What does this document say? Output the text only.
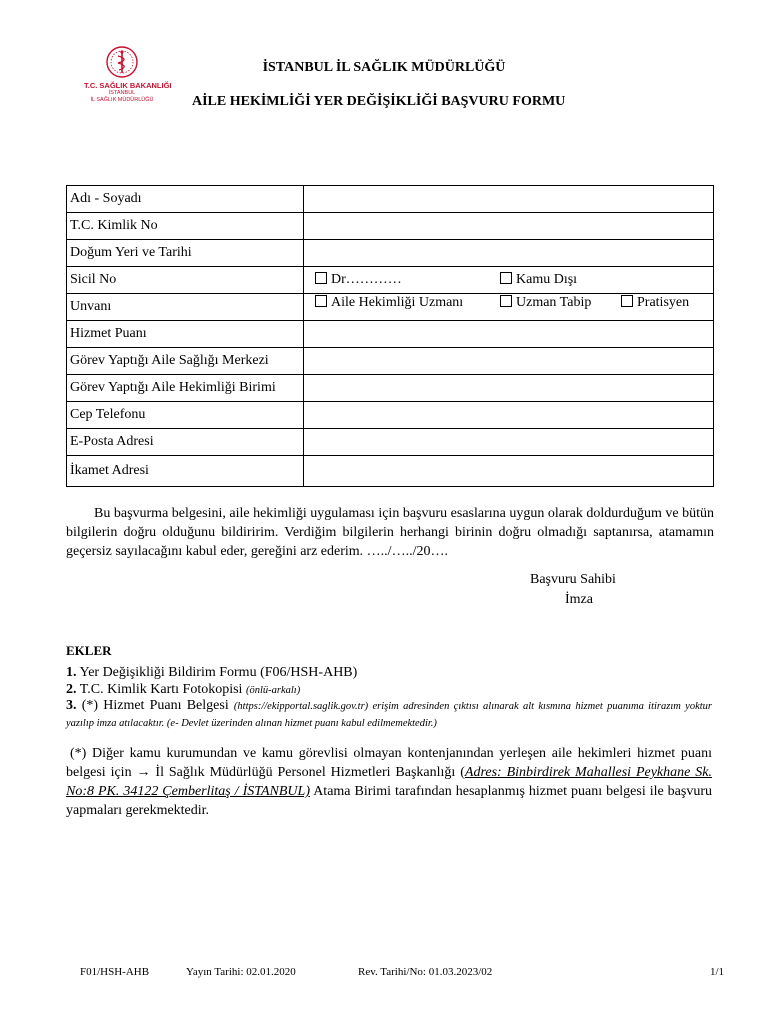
T.C. SAĞLIK BAKANLIĞI
İSTANBUL
İL SAĞLIK MÜDÜRLÜĞÜ
İSTANBUL İL SAĞLIK MÜDÜRLÜĞÜ
AİLE HEKİMLİĞİ YER DEĞİŞİKLİĞİ BAŞVURU FORMU
Adı - Soyadı	
T.C. Kimlik No	
Doğum Yeri ve Tarihi	
Sicil No	Dr………… Kamu Dışı

Unvanı	Aile Hekimliği Uzmanı Uzman Tabip Pratisyen

Hizmet Puanı	
Görev Yaptığı Aile Sağlığı Merkezi	
Görev Yaptığı Aile Hekimliği Birimi	
Cep Telefonu	
E-Posta Adresi	
İkamet Adresi	
Bu başvurma belgesini, aile hekimliği uygulaması için başvuru esaslarına uygun olarak doldurduğum ve bütün bilgilerin doğru olduğunu bildiririm. Verdiğim bilgilerin herhangi birinin doğru olmadığı saptanırsa, atamamın geçersiz sayılacağını kabul eder, gereğini arz ederim. …../…../20….
Başvuru Sahibi
İmza
EKLER
1. Yer Değişikliği Bildirim Formu (F06/HSH-AHB)
2. T.C. Kimlik Kartı Fotokopisi (önlü-arkalı)
3. (*) Hizmet Puanı Belgesi (https://ekipportal.saglik.gov.tr) erişim adresinden çıktısı alınarak alt kısmına hizmet puanıma itirazım yoktur yazılıp imza atılacaktır. (e- Devlet üzerinden alınan hizmet puanı kabul edilmemektedir.)
(*) Diğer kamu kurumundan ve kamu görevlisi olmayan kontenjanından yerleşen aile hekimleri hizmet puanı belgesi için → İl Sağlık Müdürlüğü Personel Hizmetleri Başkanlığı (Adres: Binbirdirek Mahallesi Peykhane Sk. No:8 PK. 34122 Çemberlitaş / İSTANBUL) Atama Birimi tarafından hesaplanmış hizmet puanı belgesi ile başvuru yapmaları gerekmektedir.
F01/HSH-AHB	Yayın Tarihi: 02.01.2020	Rev. Tarihi/No: 01.03.2023/02	1/1
